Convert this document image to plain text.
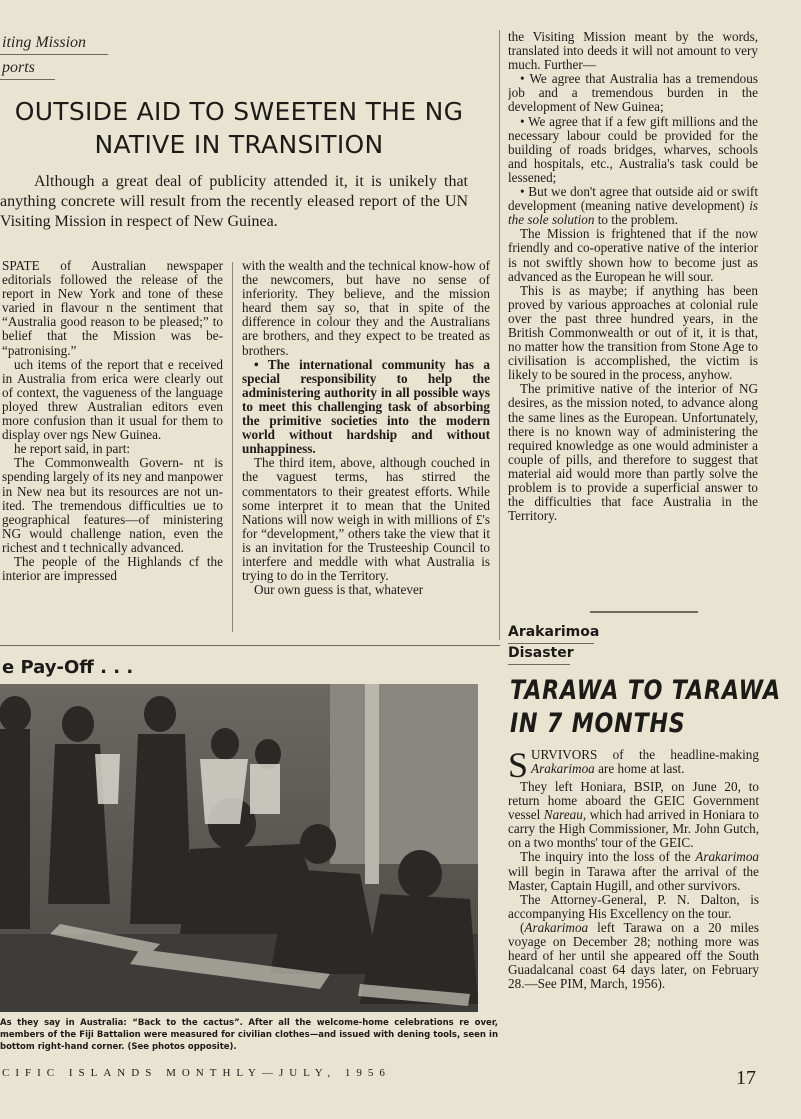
iting Mission
ports
OUTSIDE AID TO SWEETEN THE NG
NATIVE IN TRANSITION
Although a great deal of publicity attended it, it is unikely that anything concrete will result from the recently eleased report of the UN Visiting Mission in respect of New Guinea.

SPATE of Australian newspaper editorials followed the release of the report in New York and tone of these varied in flavour n the sentiment that “Australia good reason to be pleased;” to belief that the Mission was be- “patronising.”

uch items of the report that e received in Australia from erica were clearly out of context, the vagueness of the language ployed threw Australian editors even more confusion than it usual for them to display over ngs New Guinea.

he report said, in part:

The Commonwealth Govern- nt is spending largely of its ney and manpower in New nea but its resources are not un- ited. The tremendous difficulties ue to geographical features—of ministering NG would challenge nation, even the richest and t technically advanced.

The people of the Highlands cf the interior are impressed

with the wealth and the technical know-how of the newcomers, but have no sense of inferiority. They believe, and the mission heard them say so, that in spite of the difference in colour they and the Australians are brothers, and they expect to be treated as brothers.

• The international community has a special responsibility to help the administering authority in all possible ways to meet this challenging task of absorbing the primitive societies into the modern world without hardship and without unhappiness.

The third item, above, although couched in the vaguest terms, has stirred the commentators to their greatest efforts. While some interpret it to mean that the United Nations will now weigh in with millions of £'s for “development,” others take the view that it is an invitation for the Trusteeship Council to interfere and meddle with what Australia is trying to do in the Territory.

Our own guess is that, whatever

the Visiting Mission meant by the words, translated into deeds it will not amount to very much. Further—

• We agree that Australia has a tremendous job and a tremendous burden in the development of New Guinea;

• We agree that if a few gift millions and the necessary labour could be provided for the building of roads bridges, wharves, schools and hospitals, etc., Australia's task could be lessened;

• But we don't agree that outside aid or swift development (meaning native development) is the sole solution to the problem.

The Mission is frightened that if the now friendly and co-operative native of the interior is not swiftly shown how to become just as advanced as the European he will sour.

This is as maybe; if anything has been proved by various approaches at colonial rule over the past three hundred years, in the British Commonwealth or out of it, it is that, no matter how the transition from Stone Age to civilisation is accomplished, the victim is likely to be soured in the process, anyhow.

The primitive native of the interior of NG desires, as the mission noted, to advance along the same lines as the European. Unfortunately, there is no known way of administering the required knowledge as one would administer a couple of pills, and therefore to suggest that material aid would more than partly solve the problem is to provide a superficial answer to the difficulties that face Australia in the Territory.

e Pay-Off . . .
As they say in Australia: “Back to the cactus”. After all the welcome-home celebrations re over, members of the Fiji Battalion were measured for civilian clothes—and issued with dening tools, seen in bottom right-hand corner. (See photos opposite).
Arakarimoa
Disaster
TARAWA TO TARAWA
IN 7 MONTHS

SURVIVORS of the headline-making Arakarimoa are home at last.

They left Honiara, BSIP, on June 20, to return home aboard the GEIC Government vessel Nareau, which had arrived in Honiara to carry the High Commissioner, Mr. John Gutch, on a two months' tour of the GEIC.

The inquiry into the loss of the Arakarimoa will begin in Tarawa after the arrival of the Master, Captain Hugill, and other survivors.

The Attorney-General, P. N. Dalton, is accompanying His Excellency on the tour.

(Arakarimoa left Tarawa on a 20 miles voyage on December 28; nothing more was heard of her until she appeared off the South Guadalcanal coast 64 days later, on February 28.—See PIM, March, 1956).

CIFIC ISLANDS MONTHLY—JULY, 1956	17
